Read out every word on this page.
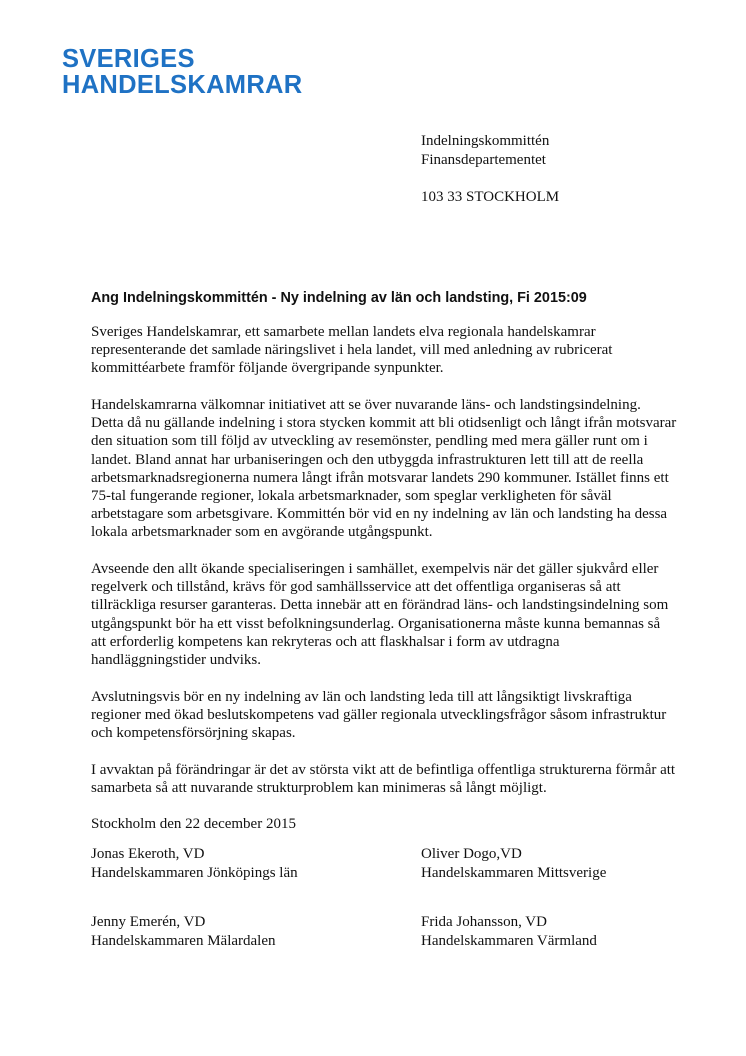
SVERIGES
HANDELSKAMRAR
Indelningskommittén
Finansdepartementet
103 33 STOCKHOLM
Ang Indelningskommittén - Ny indelning av län och landsting, Fi 2015:09

Sveriges Handelskamrar, ett samarbete mellan landets elva regionala handelskamrar representerande det samlade näringslivet i hela landet, vill med anledning av rubricerat kommittéarbete framför följande övergripande synpunkter.

Handelskamrarna välkomnar initiativet att se över nuvarande läns- och landstingsindelning. Detta då nu gällande indelning i stora stycken kommit att bli otidsenligt och långt ifrån motsvarar den situation som till följd av utveckling av resemönster, pendling med mera gäller runt om i landet. Bland annat har urbaniseringen och den utbyggda infrastrukturen lett till att de reella arbetsmarknadsregionerna numera långt ifrån motsvarar landets 290 kommuner. Istället finns ett 75-tal fungerande regioner, lokala arbetsmarknader, som speglar verkligheten för såväl arbetstagare som arbetsgivare. Kommittén bör vid en ny indelning av län och landsting ha dessa lokala arbetsmarknader som en avgörande utgångspunkt.

Avseende den allt ökande specialiseringen i samhället, exempelvis när det gäller sjukvård eller regelverk och tillstånd, krävs för god samhällsservice att det offentliga organiseras så att tillräckliga resurser garanteras. Detta innebär att en förändrad läns- och landstingsindelning som utgångspunkt bör ha ett visst befolkningsunderlag. Organisationerna måste kunna bemannas så att erforderlig kompetens kan rekryteras och att flaskhalsar i form av utdragna handläggningstider undviks.

Avslutningsvis bör en ny indelning av län och landsting leda till att långsiktigt livskraftiga regioner med ökad beslutskompetens vad gäller regionala utvecklingsfrågor såsom infrastruktur och kompetensförsörjning skapas.

I avvaktan på förändringar är det av största vikt att de befintliga offentliga strukturerna förmår att samarbeta så att nuvarande strukturproblem kan minimeras så långt möjligt.

Stockholm den 22 december 2015

Jonas Ekeroth, VD
Handelskammaren Jönköpings län
Oliver Dogo,VD
Handelskammaren Mittsverige
Jenny Emerén, VD
Handelskammaren Mälardalen
Frida Johansson, VD
Handelskammaren Värmland
